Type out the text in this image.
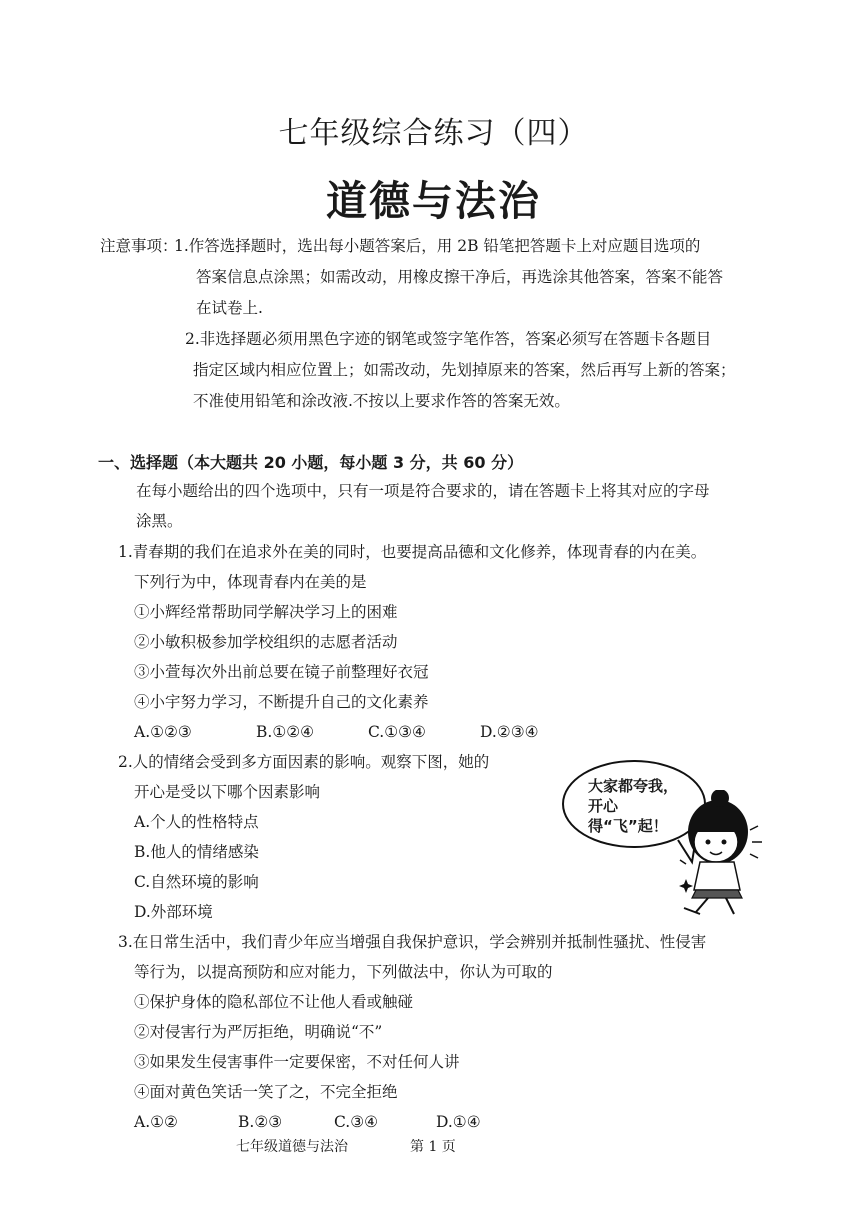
七年级综合练习（四）
道德与法治
注意事项：
1.作答选择题时，选出每小题答案后，用 2B 铅笔把答题卡上对应题目选项的
答案信息点涂黑；如需改动，用橡皮擦干净后，再选涂其他答案，答案不能答
在试卷上.
2.非选择题必须用黑色字迹的钢笔或签字笔作答，答案必须写在答题卡各题目
指定区域内相应位置上；如需改动，先划掉原来的答案，然后再写上新的答案；
不准使用铅笔和涂改液.不按以上要求作答的答案无效。
一、选择题（本大题共 20 小题，每小题 3 分，共 60 分）
在每小题给出的四个选项中，只有一项是符合要求的，请在答题卡上将其对应的字母
涂黑。
1.青春期的我们在追求外在美的同时，也要提高品德和文化修养，体现青春的内在美。
下列行为中，体现青春内在美的是
①小辉经常帮助同学解决学习上的困难
②小敏积极参加学校组织的志愿者活动
③小萱每次外出前总要在镜子前整理好衣冠
④小宇努力学习，不断提升自己的文化素养
A.①②③	B.①②④	C.①③④	D.②③④
2.人的情绪会受到多方面因素的影响。观察下图，她的
开心是受以下哪个因素影响
A.个人的性格特点
B.他人的情绪感染
C.自然环境的影响
D.外部环境
大家都夸我，开心得“飞”起！
3.在日常生活中，我们青少年应当增强自我保护意识，学会辨别并抵制性骚扰、性侵害
等行为，以提高预防和应对能力，下列做法中，你认为可取的
①保护身体的隐私部位不让他人看或触碰
②对侵害行为严厉拒绝，明确说“不”
③如果发生侵害事件一定要保密，不对任何人讲
④面对黄色笑话一笑了之，不完全拒绝
A.①②	B.②③	C.③④	D.①④
七年级道德与法治	第 1 页
